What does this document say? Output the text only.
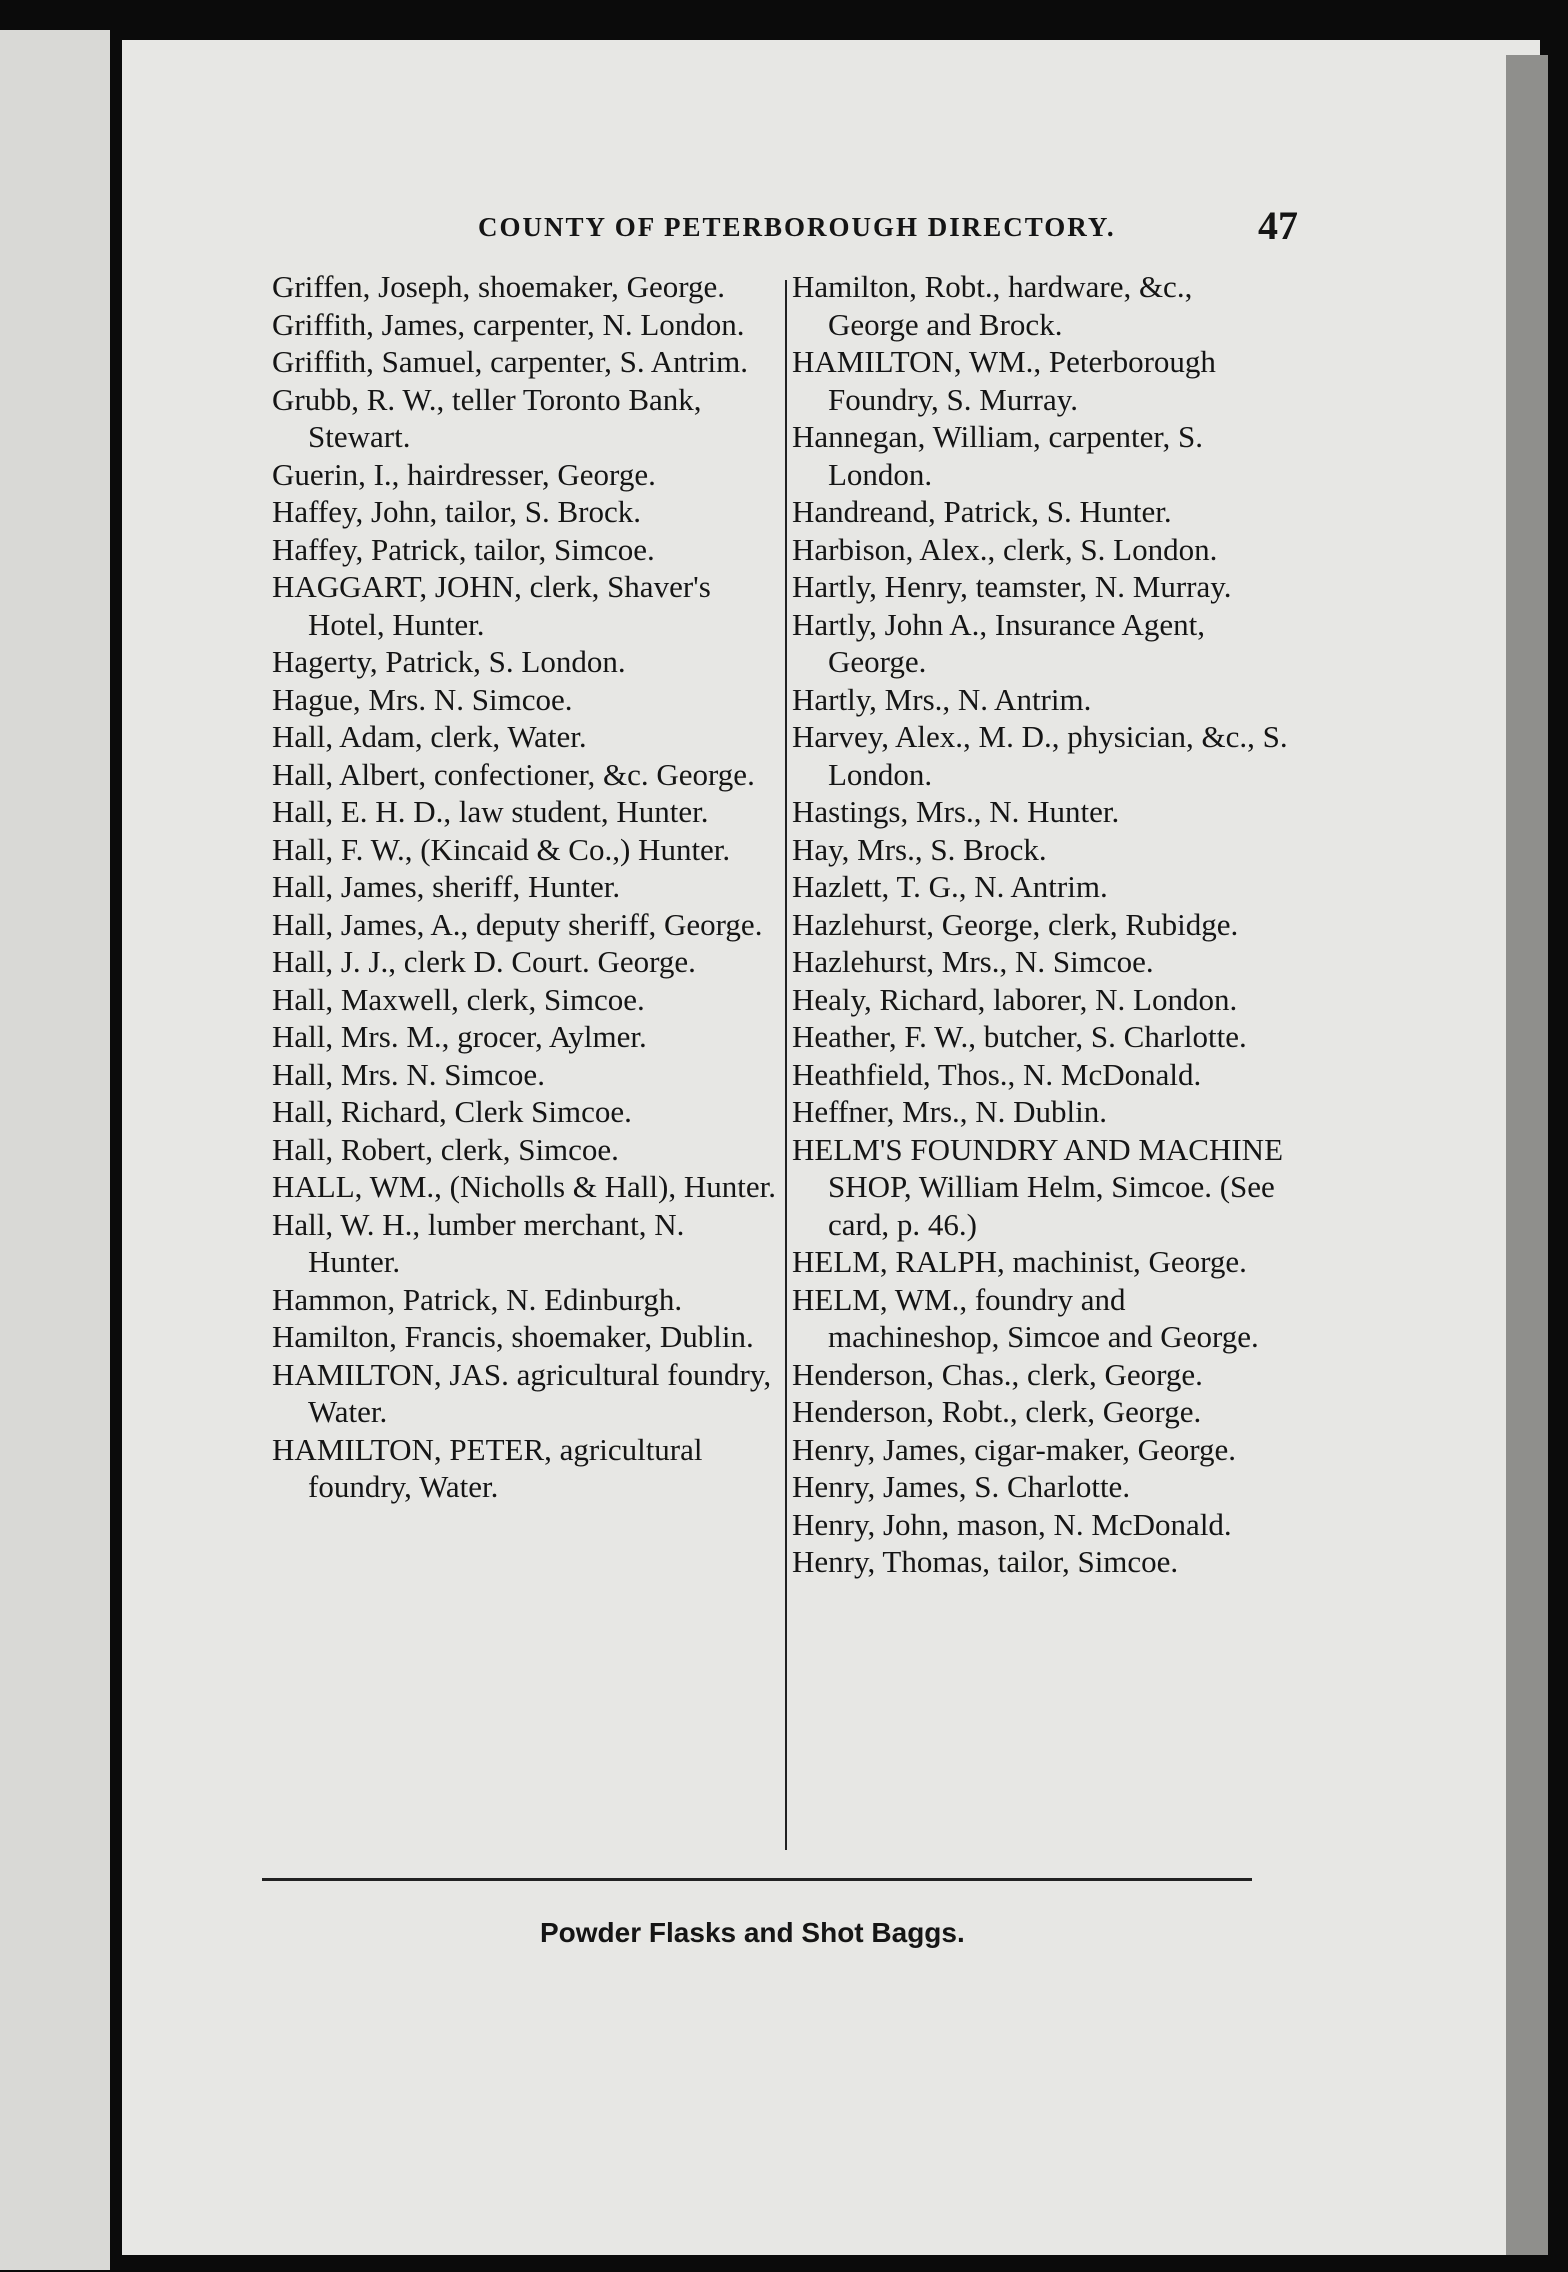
COUNTY OF PETERBOROUGH DIRECTORY.	47
Griffen, Joseph, shoemaker, George.
Griffith, James, carpenter, N. London.
Griffith, Samuel, carpenter, S. Antrim.
Grubb, R. W., teller Toronto Bank, Stewart.
Guerin, I., hairdresser, George.
Haffey, John, tailor, S. Brock.
Haffey, Patrick, tailor, Simcoe.
HAGGART, JOHN, clerk, Shaver's Hotel, Hunter.
Hagerty, Patrick, S. London.
Hague, Mrs. N. Simcoe.
Hall, Adam, clerk, Water.
Hall, Albert, confectioner, &c. George.
Hall, E. H. D., law student, Hunter.
Hall, F. W., (Kincaid & Co.,) Hunter.
Hall, James, sheriff, Hunter.
Hall, James, A., deputy sheriff, George.
Hall, J. J., clerk D. Court. George.
Hall, Maxwell, clerk, Simcoe.
Hall, Mrs. M., grocer, Aylmer.
Hall, Mrs. N. Simcoe.
Hall, Richard, Clerk Simcoe.
Hall, Robert, clerk, Simcoe.
HALL, WM., (Nicholls & Hall), Hunter.
Hall, W. H., lumber merchant, N. Hunter.
Hammon, Patrick, N. Edinburgh.
Hamilton, Francis, shoemaker, Dublin.
HAMILTON, JAS. agricultural foundry, Water.
HAMILTON, PETER, agricultural foundry, Water.
Hamilton, Robt., hardware, &c., George and Brock.
HAMILTON, WM., Peterborough Foundry, S. Murray.
Hannegan, William, carpenter, S. London.
Handreand, Patrick, S. Hunter.
Harbison, Alex., clerk, S. London.
Hartly, Henry, teamster, N. Murray.
Hartly, John A., Insurance Agent, George.
Hartly, Mrs., N. Antrim.
Harvey, Alex., M. D., physician, &c., S. London.
Hastings, Mrs., N. Hunter.
Hay, Mrs., S. Brock.
Hazlett, T. G., N. Antrim.
Hazlehurst, George, clerk, Rubidge.
Hazlehurst, Mrs., N. Simcoe.
Healy, Richard, laborer, N. London.
Heather, F. W., butcher, S. Charlotte.
Heathfield, Thos., N. McDonald.
Heffner, Mrs., N. Dublin.
HELM'S FOUNDRY AND MACHINE SHOP, William Helm, Simcoe. (See card, p. 46.)
HELM, RALPH, machinist, George.
HELM, WM., foundry and machineshop, Simcoe and George.
Henderson, Chas., clerk, George.
Henderson, Robt., clerk, George.
Henry, James, cigar-maker, George.
Henry, James, S. Charlotte.
Henry, John, mason, N. McDonald.
Henry, Thomas, tailor, Simcoe.
Powder Flasks and Shot Baggs.
